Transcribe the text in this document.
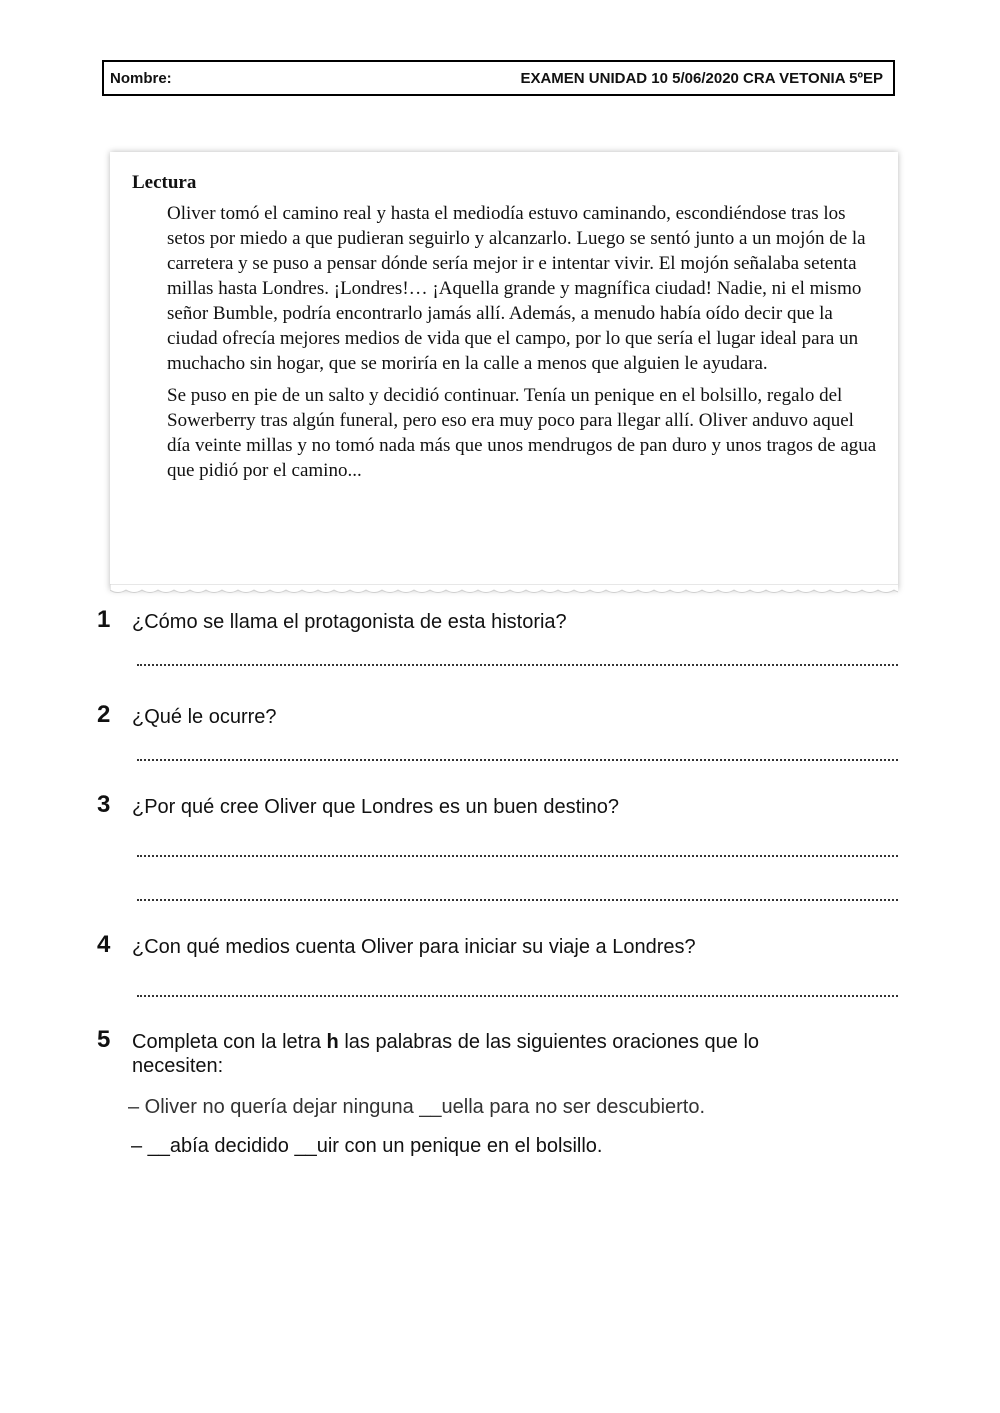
Nombre:	EXAMEN UNIDAD 10 5/06/2020 CRA VETONIA 5ºEP
Lectura

Oliver tomó el camino real y hasta el mediodía estuvo caminando, escondiéndose tras los setos por miedo a que pudieran seguirlo y alcanzarlo. Luego se sentó junto a un mojón de la carretera y se puso a pensar dónde sería mejor ir e intentar vivir. El mojón señalaba setenta millas hasta Londres. ¡Londres!… ¡Aquella grande y magnífica ciudad! Nadie, ni el mismo señor Bumble, podría encontrarlo jamás allí. Además, a menudo había oído decir que la ciudad ofrecía mejores medios de vida que el campo, por lo que sería el lugar ideal para un muchacho sin hogar, que se moriría en la calle a menos que alguien le ayudara.

Se puso en pie de un salto y decidió continuar. Tenía un penique en el bolsillo, regalo del Sowerberry tras algún funeral, pero eso era muy poco para llegar allí. Oliver anduvo aquel día veinte millas y no tomó nada más que unos mendrugos de pan duro y unos tragos de agua que pidió por el camino...

1 ¿Cómo se llama el protagonista de esta historia?
2 ¿Qué le ocurre?
3 ¿Por qué cree Oliver que Londres es un buen destino?
4 ¿Con qué medios cuenta Oliver para iniciar su viaje a Londres?
5 Completa con la letra h las palabras de las siguientes oraciones que lo necesiten:
– Oliver no quería dejar ninguna __uella para no ser descubierto.
– __abía decidido __uir con un penique en el bolsillo.
